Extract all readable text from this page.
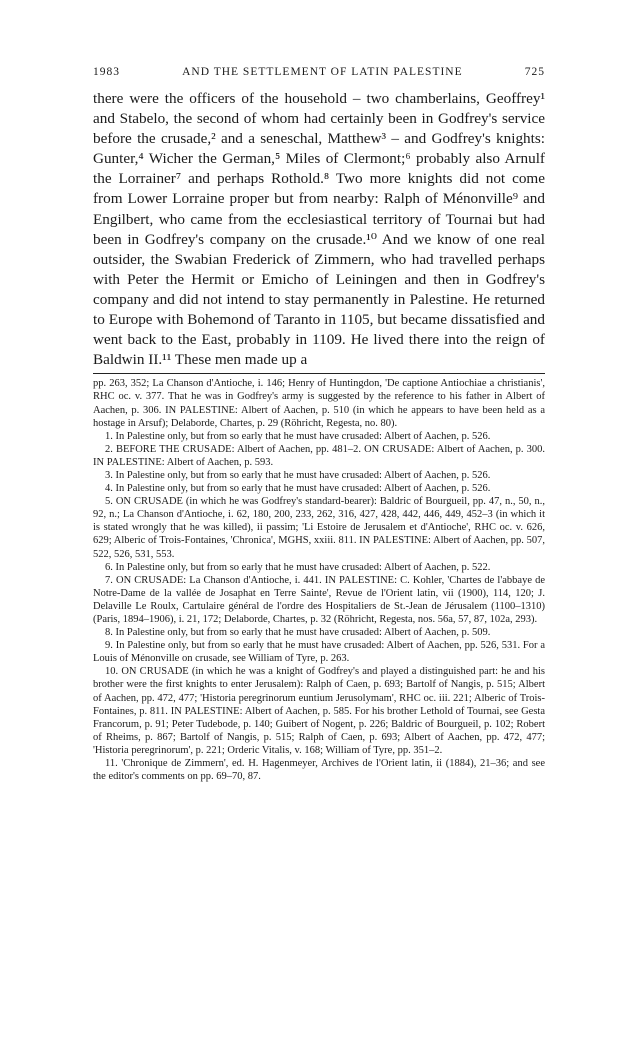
1983	AND THE SETTLEMENT OF LATIN PALESTINE	725

there were the officers of the household – two chamberlains, Geoffrey¹ and Stabelo, the second of whom had certainly been in Godfrey's service before the crusade,² and a seneschal, Matthew³ – and Godfrey's knights: Gunter,⁴ Wicher the German,⁵ Miles of Clermont;⁶ probably also Arnulf the Lorrainer⁷ and perhaps Rothold.⁸ Two more knights did not come from Lower Lorraine proper but from nearby: Ralph of Ménonville⁹ and Engilbert, who came from the ecclesiastical territory of Tournai but had been in Godfrey's company on the crusade.¹⁰ And we know of one real outsider, the Swabian Frederick of Zimmern, who had travelled perhaps with Peter the Hermit or Emicho of Leiningen and then in Godfrey's company and did not intend to stay permanently in Palestine. He returned to Europe with Bohemond of Taranto in 1105, but became dissatisfied and went back to the East, probably in 1109. He lived there into the reign of Baldwin II.¹¹ These men made up a

pp. 263, 352; La Chanson d'Antioche, i. 146; Henry of Huntingdon, 'De captione Antiochiae a christianis', RHC oc. v. 377. That he was in Godfrey's army is suggested by the reference to his father in Albert of Aachen, p. 306. IN PALESTINE: Albert of Aachen, p. 510 (in which he appears to have been held as a hostage in Arsuf); Delaborde, Chartes, p. 29 (Röhricht, Regesta, no. 80).

1. In Palestine only, but from so early that he must have crusaded: Albert of Aachen, p. 526.

2. BEFORE THE CRUSADE: Albert of Aachen, pp. 481–2. ON CRUSADE: Albert of Aachen, p. 300. IN PALESTINE: Albert of Aachen, p. 593.

3. In Palestine only, but from so early that he must have crusaded: Albert of Aachen, p. 526.

4. In Palestine only, but from so early that he must have crusaded: Albert of Aachen, p. 526.

5. ON CRUSADE (in which he was Godfrey's standard-bearer): Baldric of Bourgueil, pp. 47, n., 50, n., 92, n.; La Chanson d'Antioche, i. 62, 180, 200, 233, 262, 316, 427, 428, 442, 446, 449, 452–3 (in which it is stated wrongly that he was killed), ii passim; 'Li Estoire de Jerusalem et d'Antioche', RHC oc. v. 626, 629; Alberic of Trois-Fontaines, 'Chronica', MGHS, xxiii. 811. IN PALESTINE: Albert of Aachen, pp. 507, 522, 526, 531, 553.

6. In Palestine only, but from so early that he must have crusaded: Albert of Aachen, p. 522.

7. ON CRUSADE: La Chanson d'Antioche, i. 441. IN PALESTINE: C. Kohler, 'Chartes de l'abbaye de Notre-Dame de la vallée de Josaphat en Terre Sainte', Revue de l'Orient latin, vii (1900), 114, 120; J. Delaville Le Roulx, Cartulaire général de l'ordre des Hospitaliers de St.-Jean de Jérusalem (1100–1310) (Paris, 1894–1906), i. 21, 172; Delaborde, Chartes, p. 32 (Röhricht, Regesta, nos. 56a, 57, 87, 102a, 293).

8. In Palestine only, but from so early that he must have crusaded: Albert of Aachen, p. 509.

9. In Palestine only, but from so early that he must have crusaded: Albert of Aachen, pp. 526, 531. For a Louis of Ménonville on crusade, see William of Tyre, p. 263.

10. ON CRUSADE (in which he was a knight of Godfrey's and played a distinguished part: he and his brother were the first knights to enter Jerusalem): Ralph of Caen, p. 693; Bartolf of Nangis, p. 515; Albert of Aachen, pp. 472, 477; 'Historia peregrinorum euntium Jerusolymam', RHC oc. iii. 221; Alberic of Trois-Fontaines, p. 811. IN PALESTINE: Albert of Aachen, p. 585. For his brother Lethold of Tournai, see Gesta Francorum, p. 91; Peter Tudebode, p. 140; Guibert of Nogent, p. 226; Baldric of Bourgueil, p. 102; Robert of Rheims, p. 867; Bartolf of Nangis, p. 515; Ralph of Caen, p. 693; Albert of Aachen, pp. 472, 477; 'Historia peregrinorum', p. 221; Orderic Vitalis, v. 168; William of Tyre, pp. 351–2.

11. 'Chronique de Zimmern', ed. H. Hagenmeyer, Archives de l'Orient latin, ii (1884), 21–36; and see the editor's comments on pp. 69–70, 87.
